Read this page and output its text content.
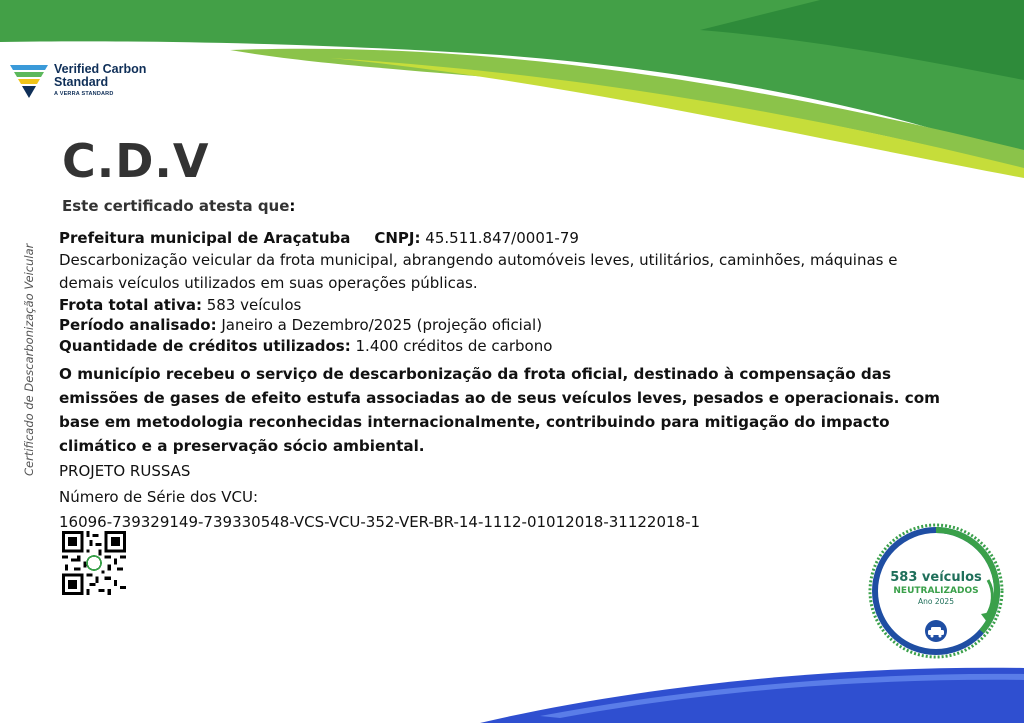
Verified Carbon
Standard
A VERRA STANDARD
C.D.V
Este certificado atesta que:
Certificado de Descarbonização Veicular
Prefeitura municipal de Araçatuba CNPJ: 45.511.847/0001-79
Descarbonização veicular da frota municipal, abrangendo automóveis leves, utilitários, caminhões, máquinas e demais veículos utilizados em suas operações públicas.
Frota total ativa: 583 veículos
Período analisado: Janeiro a Dezembro/2025 (projeção oficial)
Quantidade de créditos utilizados: 1.400 créditos de carbono
O município recebeu o serviço de descarbonização da frota oficial, destinado à compensação das emissões de gases de efeito estufa associadas ao de seus veículos leves, pesados e operacionais. com base em metodologia reconhecidas internacionalmente, contribuindo para mitigação do impacto climático e a preservação sócio ambiental.
PROJETO RUSSAS
Número de Série dos VCU:
16096-739329149-739330548-VCS-VCU-352-VER-BR-14-1112-01012018-31122018-1
583 veículos
NEUTRALIZADOS
Ano 2025
